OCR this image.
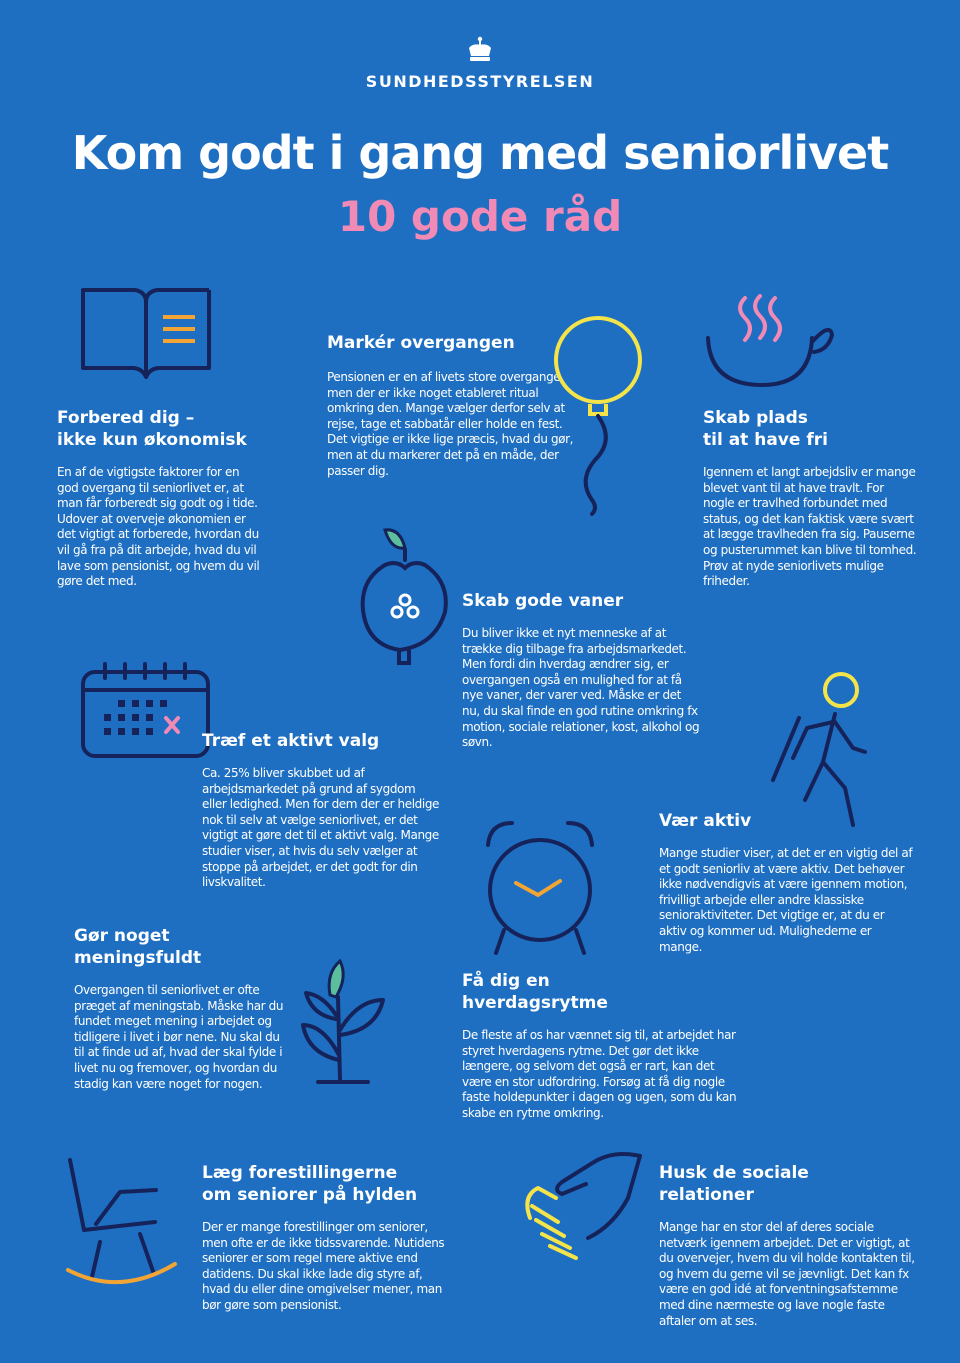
SUNDHEDSSTYRELSEN
Kom godt i gang med seniorlivet
10 gode råd
Forbered dig –
ikke kun økonomisk

En af de vigtigste faktorer for en god overgang til seniorlivet er, at man får forberedt sig godt og i tide. Udover at overveje økonomien er det vigtigt at forberede, hvordan du vil gå fra på dit arbejde, hvad du vil lave som pensionist, og hvem du vil gøre det med.

Markér overgangen

Pensionen er en af livets store overgange, men der er ikke noget etableret ritual omkring den. Mange vælger derfor selv at rejse, tage et sabbatår eller holde en fest. Det vigtige er ikke lige præcis, hvad du gør, men at du markerer det på en måde, der passer dig.

Skab plads
til at have fri

Igennem et langt arbejdsliv er mange blevet vant til at have travlt. For nogle er travlhed forbundet med status, og det kan faktisk være svært at lægge travlheden fra sig. Pauserne og pusterummet kan blive til tomhed. Prøv at nyde seniorlivets mulige friheder.

Skab gode vaner

Du bliver ikke et nyt menneske af at trække dig tilbage fra arbejdsmarkedet. Men fordi din hverdag ændrer sig, er overgangen også en mulighed for at få nye vaner, der varer ved. Måske er det nu, du skal finde en god rutine omkring fx motion, sociale relationer, kost, alkohol og søvn.

Træf et aktivt valg

Ca. 25% bliver skubbet ud af arbejdsmarkedet på grund af sygdom eller ledighed. Men for dem der er heldige nok til selv at vælge seniorlivet, er det vigtigt at gøre det til et aktivt valg. Mange studier viser, at hvis du selv vælger at stoppe på arbejdet, er det godt for din livskvalitet.

Vær aktiv

Mange studier viser, at det er en vigtig del af et godt seniorliv at være aktiv. Det behøver ikke nødvendigvis at være igennem motion, frivilligt arbejde eller andre klassiske senioraktiviteter. Det vigtige er, at du er aktiv og kommer ud. Mulighederne er mange.

Gør noget
meningsfuldt

Overgangen til seniorlivet er ofte præget af meningstab. Måske har du fundet meget mening i arbejdet og tidligere i livet i bør nene. Nu skal du til at finde ud af, hvad der skal fylde i livet nu og fremover, og hvordan du stadig kan være noget for nogen.

Få dig en
hverdagsrytme

De fleste af os har vænnet sig til, at arbejdet har styret hverdagens rytme. Det gør det ikke længere, og selvom det også er rart, kan det være en stor udfordring. Forsøg at få dig nogle faste holdepunkter i dagen og ugen, som du kan skabe en rytme omkring.

Læg forestillingerne
om seniorer på hylden

Der er mange forestillinger om seniorer, men ofte er de ikke tidssvarende. Nutidens seniorer er som regel mere aktive end datidens. Du skal ikke lade dig styre af, hvad du eller dine omgivelser mener, man bør gøre som pensionist.

Husk de sociale
relationer

Mange har en stor del af deres sociale netværk igennem arbejdet. Det er vigtigt, at du overvejer, hvem du vil holde kontakten til, og hvem du gerne vil se jævnligt. Det kan fx være en god idé at forventningsafstemme med dine nærmeste og lave nogle faste aftaler om at ses.
